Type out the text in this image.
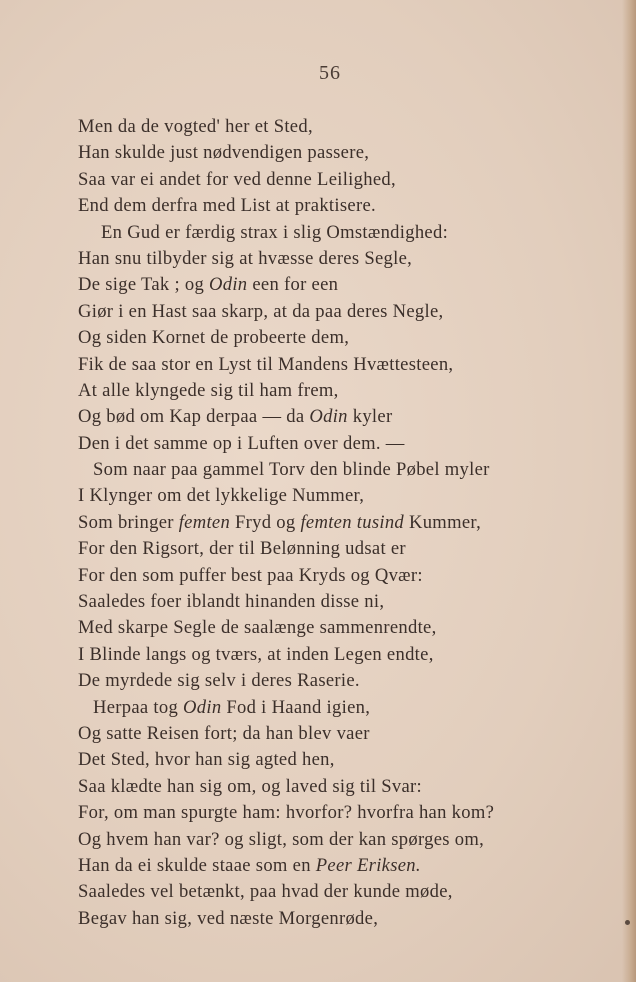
56
Men da de vogted' her et Sted,
Han skulde just nødvendigen passere,
Saa var ei andet for ved denne Leilighed,
End dem derfra med List at praktisere.
En Gud er færdig strax i slig Omstændighed:
Han snu tilbyder sig at hvæsse deres Segle,
De sige Tak ; og Odin een for een
Giør i en Hast saa skarp, at da paa deres Negle,
Og siden Kornet de probeerte dem,
Fik de saa stor en Lyst til Mandens Hvættesteen,
At alle klyngede sig til ham frem,
Og bød om Kap derpaa — da Odin kyler
Den i det samme op i Luften over dem. —
Som naar paa gammel Torv den blinde Pøbel myler
I Klynger om det lykkelige Nummer,
Som bringer femten Fryd og femten tusind Kummer,
For den Rigsort, der til Belønning udsat er
For den som puffer best paa Kryds og Qvær:
Saaledes foer iblandt hinanden disse ni,
Med skarpe Segle de saalænge sammenrendte,
I Blinde langs og tværs, at inden Legen endte,
De myrdede sig selv i deres Raserie.
Herpaa tog Odin Fod i Haand igien,
Og satte Reisen fort; da han blev vaer
Det Sted, hvor han sig agted hen,
Saa klædte han sig om, og laved sig til Svar:
For, om man spurgte ham: hvorfor? hvorfra han kom?
Og hvem han var? og sligt, som der kan spørges om,
Han da ei skulde staae som en Peer Eriksen.
Saaledes vel betænkt, paa hvad der kunde møde,
Begav han sig, ved næste Morgenrøde,
